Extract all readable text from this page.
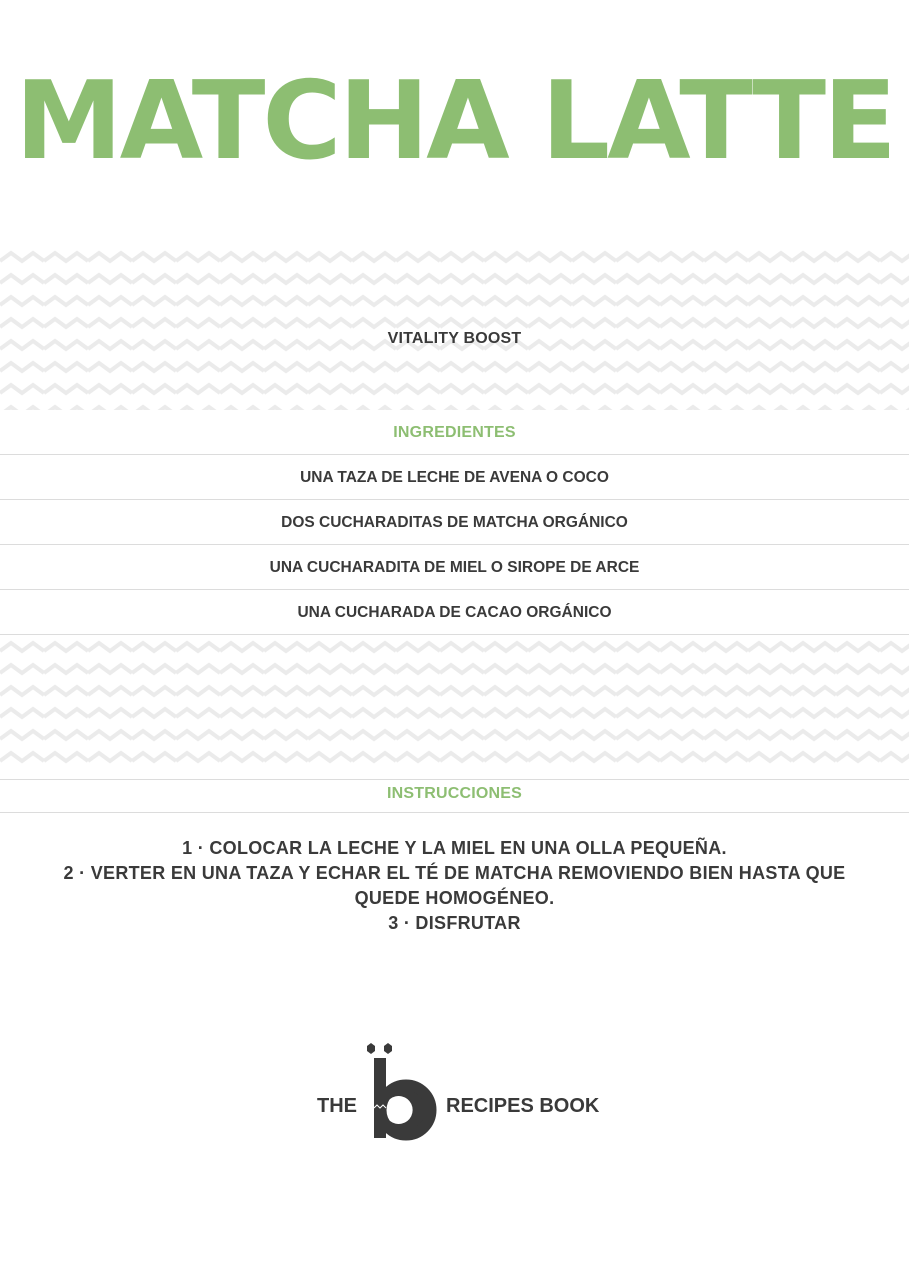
MATCHA LATTE
VITALITY BOOST
INGREDIENTES
UNA TAZA DE LECHE DE AVENA O COCO
DOS CUCHARADITAS DE MATCHA ORGÁNICO
UNA CUCHARADITA DE MIEL O SIROPE DE ARCE
UNA CUCHARADA DE CACAO ORGÁNICO
INSTRUCCIONES
1 · COLOCAR LA LECHE Y LA MIEL EN UNA OLLA PEQUEÑA.
2 · VERTER EN UNA TAZA Y ECHAR EL TÉ DE MATCHA REMOVIENDO BIEN HASTA QUE QUEDE HOMOGÉNEO.
3 · DISFRUTAR
THE	RECIPES BOOK
